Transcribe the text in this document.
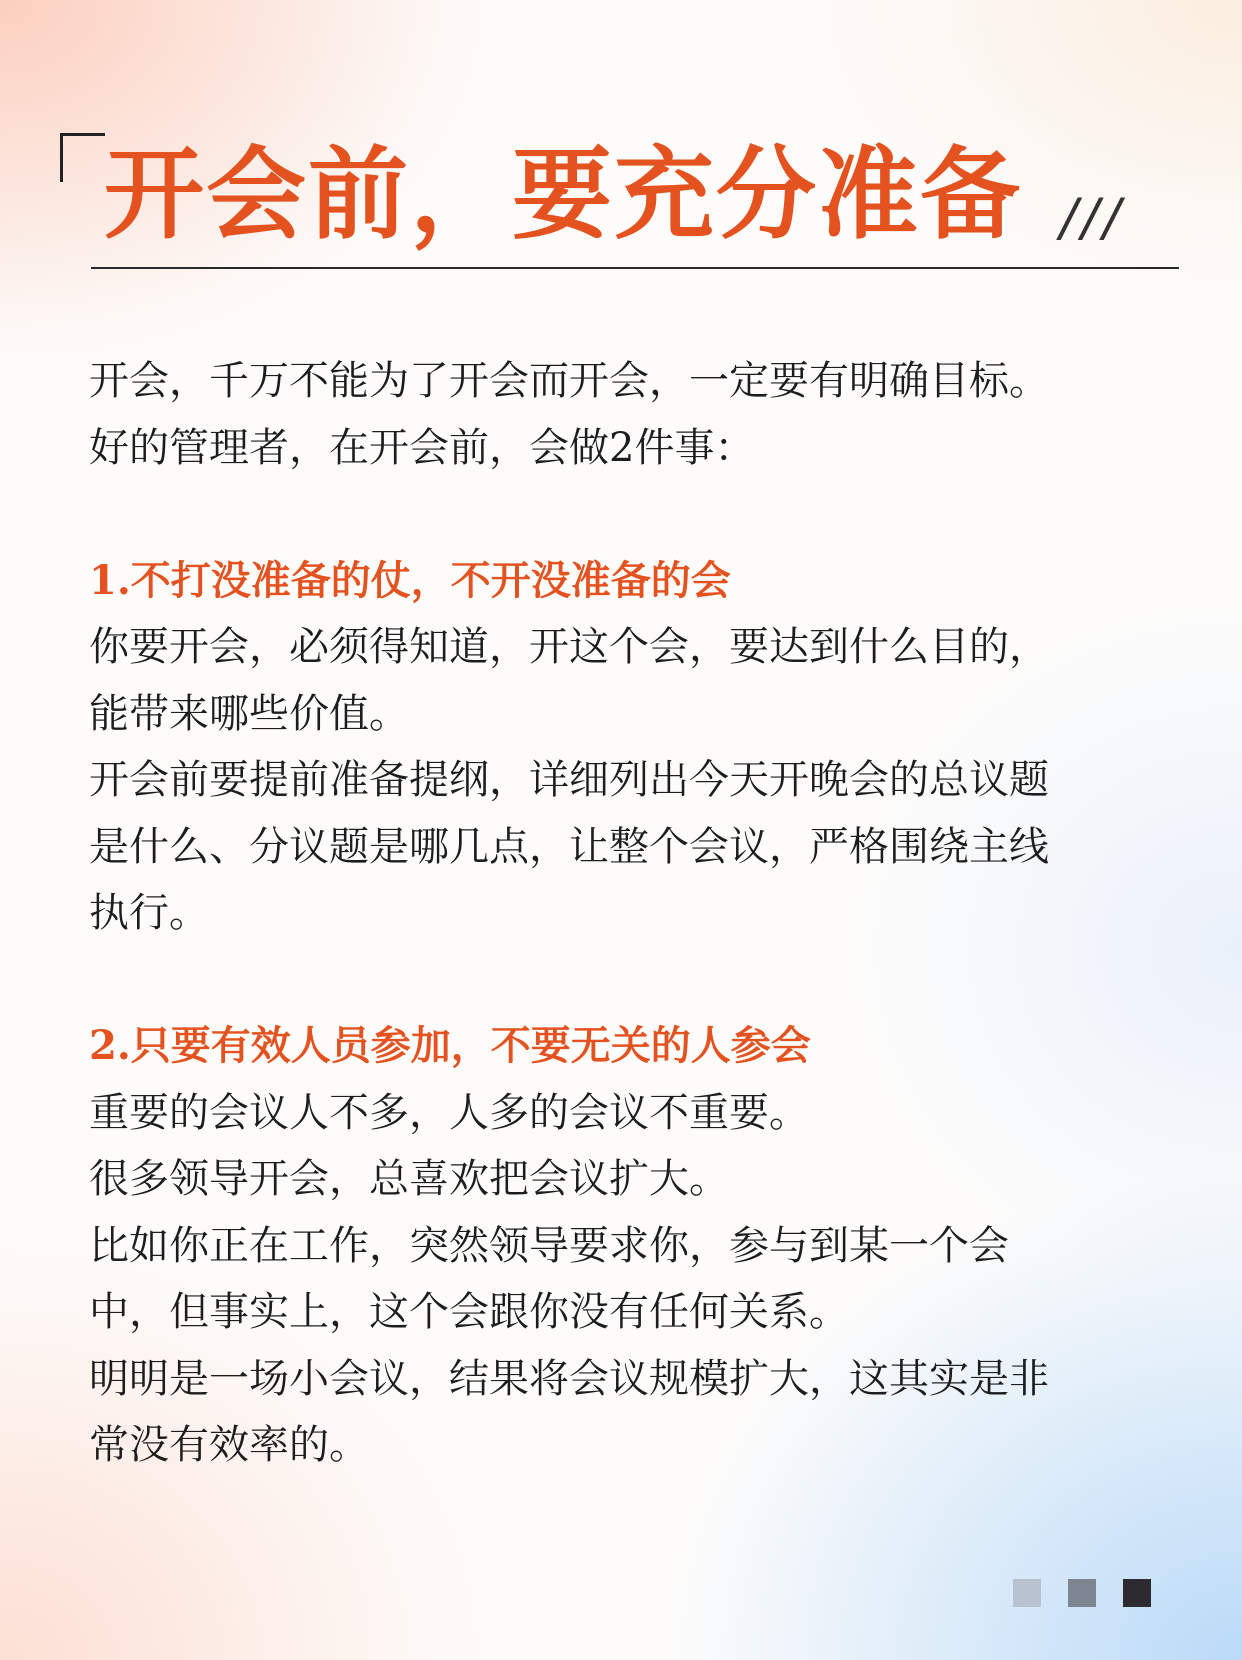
开会前，要充分准备 ///

开会，千万不能为了开会而开会，一定要有明确目标。

好的管理者，在开会前，会做2件事：

1.不打没准备的仗，不开没准备的会

你要开会，必须得知道，开这个会，要达到什么目的，

能带来哪些价值。

开会前要提前准备提纲，详细列出今天开晚会的总议题

是什么、分议题是哪几点，让整个会议，严格围绕主线

执行。

2.只要有效人员参加，不要无关的人参会

重要的会议人不多，人多的会议不重要。

很多领导开会，总喜欢把会议扩大。

比如你正在工作，突然领导要求你，参与到某一个会

中，但事实上，这个会跟你没有任何关系。

明明是一场小会议，结果将会议规模扩大，这其实是非

常没有效率的。
